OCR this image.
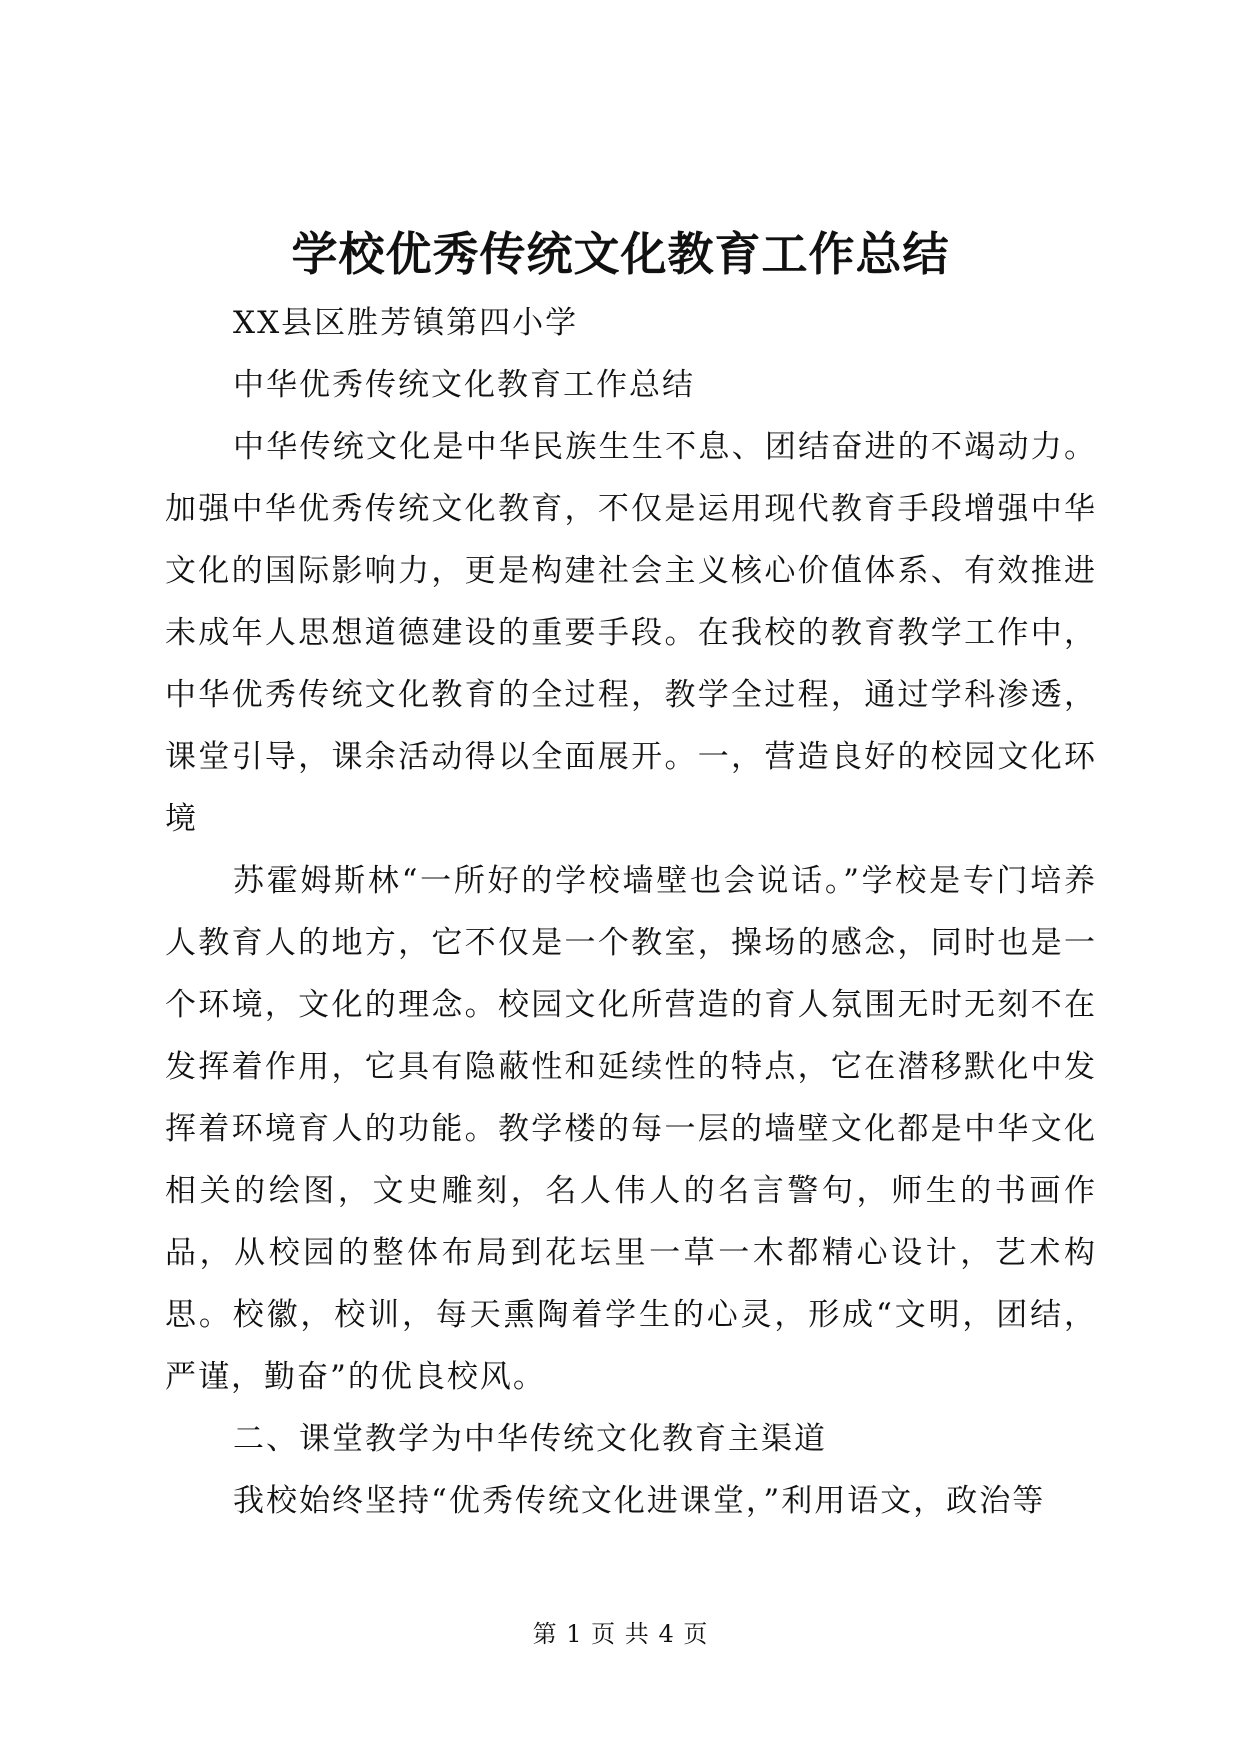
学校优秀传统文化教育工作总结

XX县区胜芳镇第四小学

中华优秀传统文化教育工作总结

中华传统文化是中华民族生生不息、团结奋进的不竭动力。加强中华优秀传统文化教育，不仅是运用现代教育手段增强中华文化的国际影响力，更是构建社会主义核心价值体系、有效推进未成年人思想道德建设的重要手段。在我校的教育教学工作中，中华优秀传统文化教育的全过程，教学全过程，通过学科渗透，课堂引导，课余活动得以全面展开。一，营造良好的校园文化环境

苏霍姆斯林“一所好的学校墙壁也会说话。”学校是专门培养人教育人的地方，它不仅是一个教室，操场的感念，同时也是一个环境，文化的理念。校园文化所营造的育人氛围无时无刻不在发挥着作用，它具有隐蔽性和延续性的特点，它在潜移默化中发挥着环境育人的功能。教学楼的每一层的墙壁文化都是中华文化相关的绘图，文史雕刻，名人伟人的名言警句，师生的书画作品，从校园的整体布局到花坛里一草一木都精心设计，艺术构思。校徽，校训，每天熏陶着学生的心灵，形成“文明，团结，严谨，勤奋”的优良校风。

二、课堂教学为中华传统文化教育主渠道

我校始终坚持“优秀传统文化进课堂，”利用语文，政治等

第 1 页 共 4 页
